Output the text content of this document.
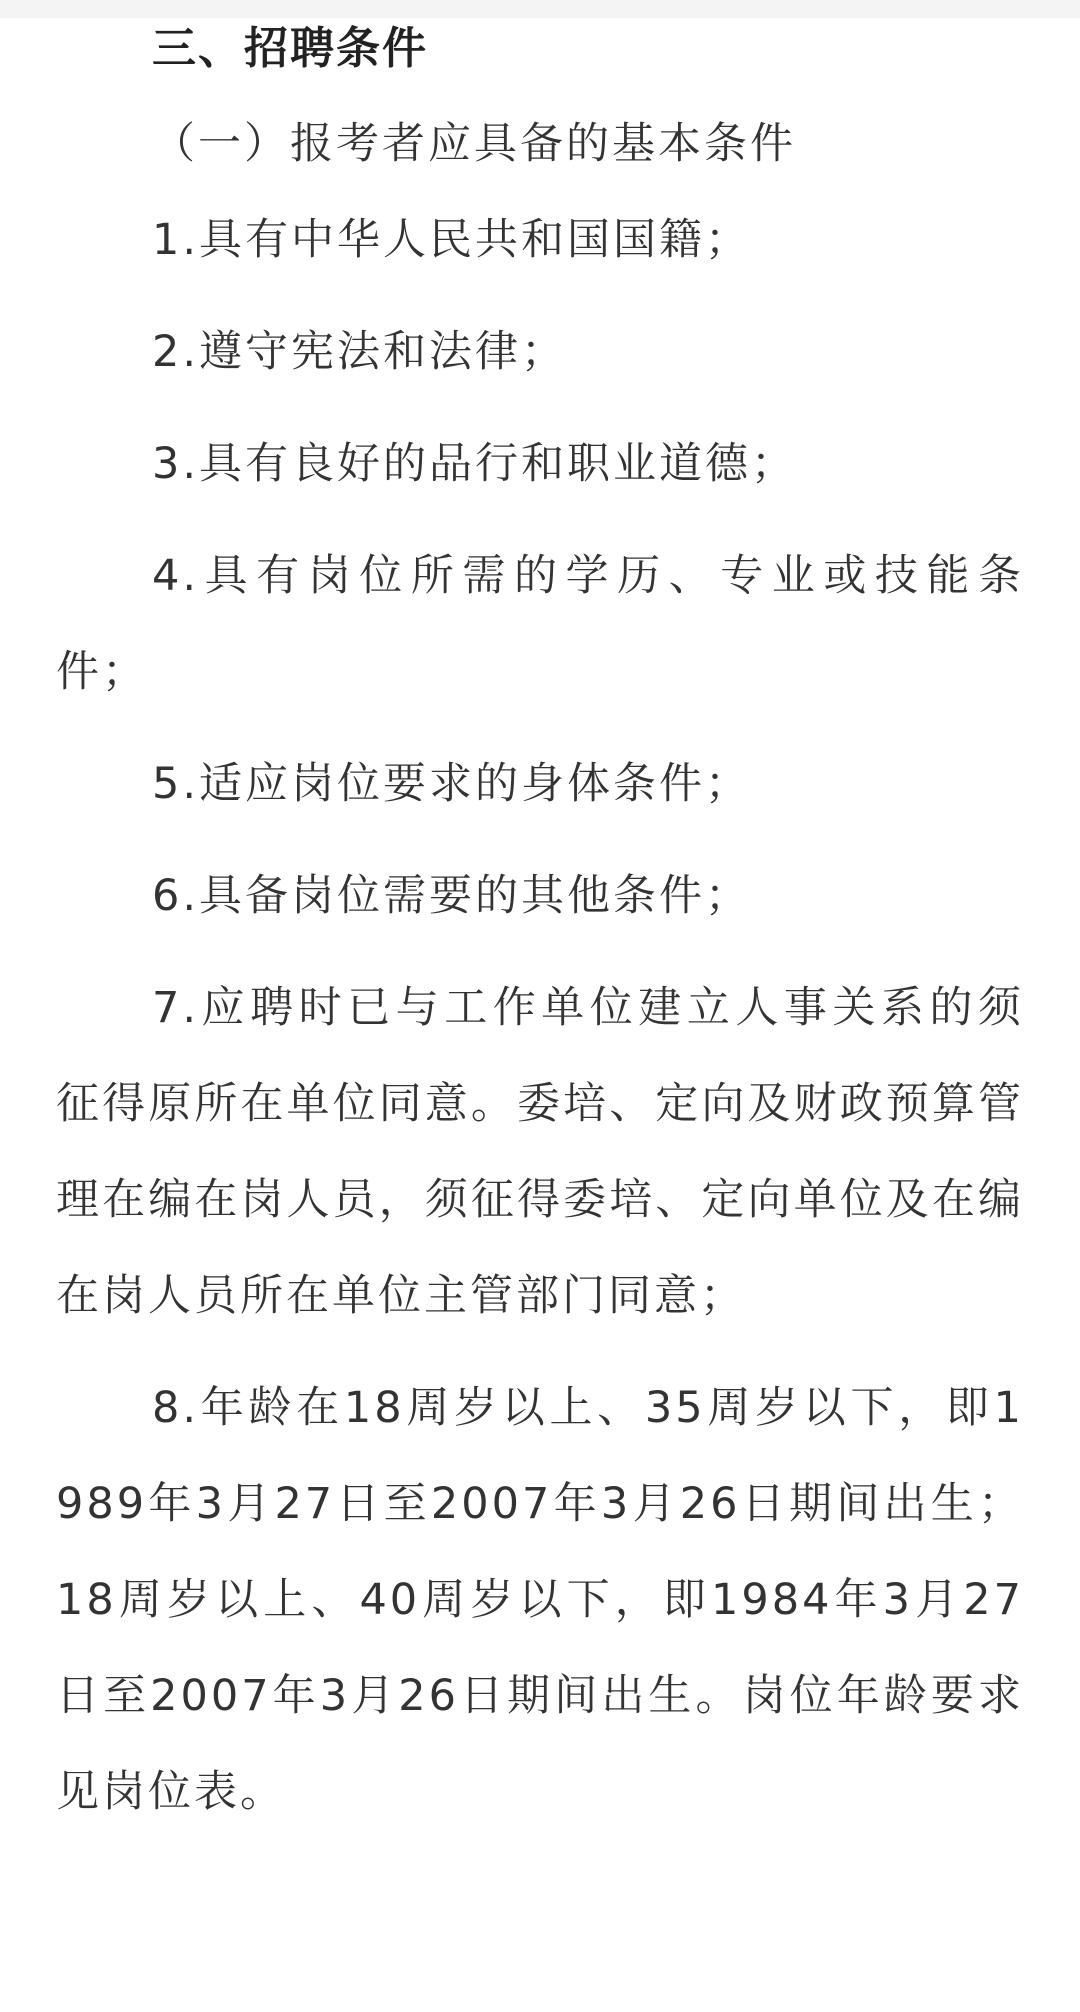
三、招聘条件

（一）报考者应具备的基本条件

1.具有中华人民共和国国籍；

2.遵守宪法和法律；

3.具有良好的品行和职业道德；

4.具有岗位所需的学历、专业或技能条件；

5.适应岗位要求的身体条件；

6.具备岗位需要的其他条件；

7.应聘时已与工作单位建立人事关系的须征得原所在单位同意。委培、定向及财政预算管理在编在岗人员，须征得委培、定向单位及在编在岗人员所在单位主管部门同意；

8.年龄在18周岁以上、35周岁以下，即1989年3月27日至2007年3月26日期间出生；18周岁以上、40周岁以下，即1984年3月27日至2007年3月26日期间出生。岗位年龄要求见岗位表。
